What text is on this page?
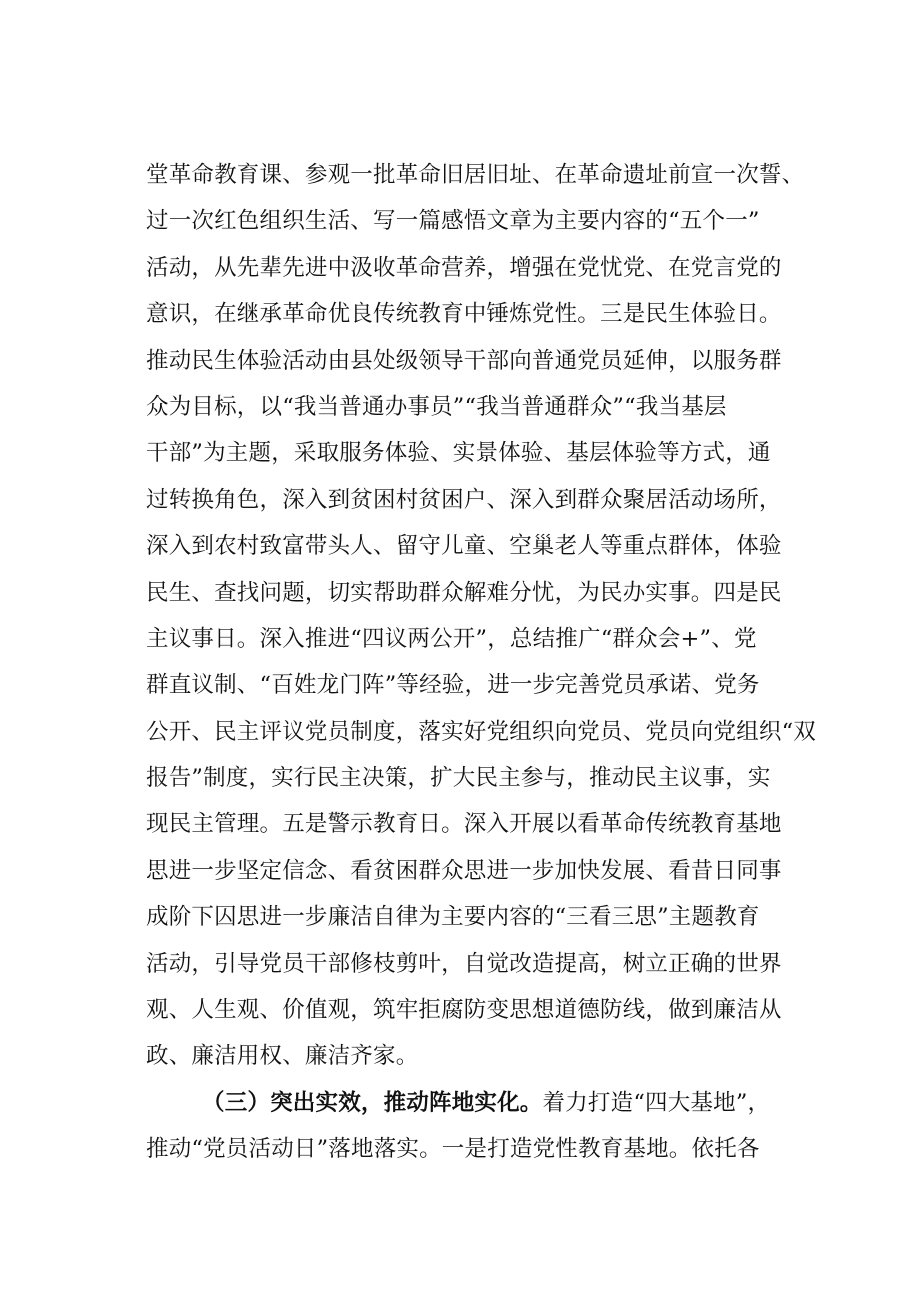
堂革命教育课、参观一批革命旧居旧址、在革命遗址前宣一次誓、
过一次红色组织生活、写一篇感悟文章为主要内容的“五个一”
活动，从先辈先进中汲收革命营养，增强在党忧党、在党言党的
意识，在继承革命优良传统教育中锤炼党性。三是民生体验日。
推动民生体验活动由县处级领导干部向普通党员延伸，以服务群
众为目标，以“我当普通办事员”“我当普通群众”“我当基层
干部”为主题，采取服务体验、实景体验、基层体验等方式，通
过转换角色，深入到贫困村贫困户、深入到群众聚居活动场所，
深入到农村致富带头人、留守儿童、空巢老人等重点群体，体验
民生、查找问题，切实帮助群众解难分忧，为民办实事。四是民
主议事日。深入推进“四议两公开”，总结推广“群众会+”、党
群直议制、“百姓龙门阵”等经验，进一步完善党员承诺、党务
公开、民主评议党员制度，落实好党组织向党员、党员向党组织“双
报告”制度，实行民主决策，扩大民主参与，推动民主议事，实
现民主管理。五是警示教育日。深入开展以看革命传统教育基地
思进一步坚定信念、看贫困群众思进一步加快发展、看昔日同事
成阶下囚思进一步廉洁自律为主要内容的“三看三思”主题教育
活动，引导党员干部修枝剪叶，自觉改造提高，树立正确的世界
观、人生观、价值观，筑牢拒腐防变思想道德防线，做到廉洁从
政、廉洁用权、廉洁齐家。
（三）突出实效，推动阵地实化。着力打造“四大基地”，
推动“党员活动日”落地落实。一是打造党性教育基地。依托各
